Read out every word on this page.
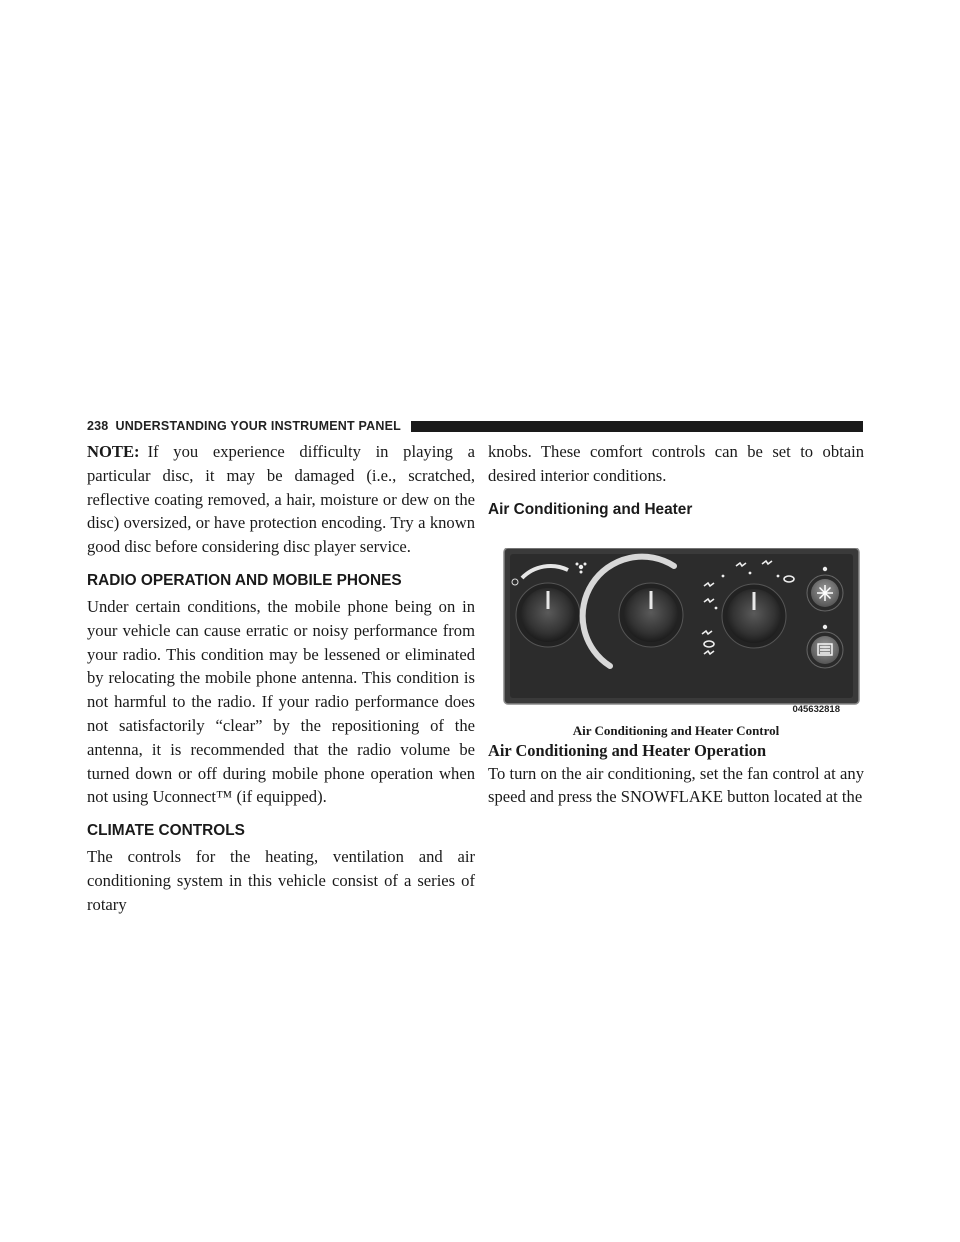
238 UNDERSTANDING YOUR INSTRUMENT PANEL

NOTE: If you experience difficulty in playing a particular disc, it may be damaged (i.e., scratched, reflective coating removed, a hair, moisture or dew on the disc) oversized, or have protection encoding. Try a known good disc before considering disc player service.

RADIO OPERATION AND MOBILE PHONES

Under certain conditions, the mobile phone being on in your vehicle can cause erratic or noisy performance from your radio. This condition may be lessened or eliminated by relocating the mobile phone antenna. This condition is not harmful to the radio. If your radio performance does not satisfactorily “clear” by the repositioning of the antenna, it is recommended that the radio volume be turned down or off during mobile phone operation when not using Uconnect™ (if equipped).

CLIMATE CONTROLS

The controls for the heating, ventilation and air conditioning system in this vehicle consist of a series of rotary

knobs. These comfort controls can be set to obtain desired interior conditions.

Air Conditioning and Heater
045632818
Air Conditioning and Heater Control
Air Conditioning and Heater Operation

To turn on the air conditioning, set the fan control at any speed and press the SNOWFLAKE button located at the
